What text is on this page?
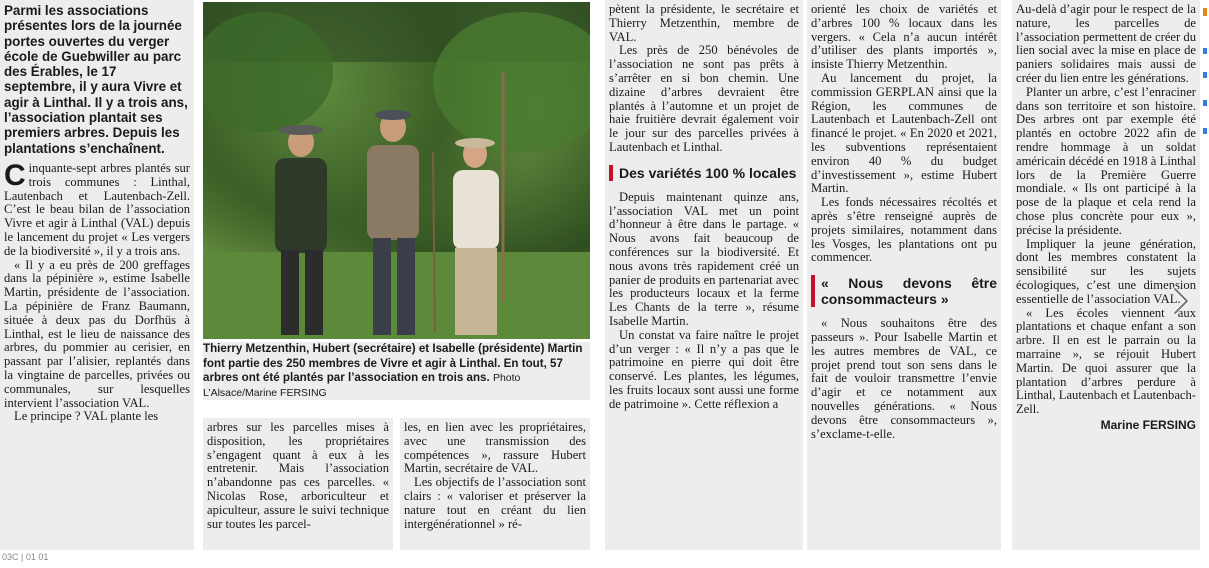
Parmi les associations présentes lors de la journée portes ouvertes du verger école de Guebwiller au parc des Érables, le 17 septembre, il y aura Vivre et agir à Linthal. Il y a trois ans, l’association plantait ses premiers arbres. Depuis les plantations s’enchaînent.

Cinquante-sept arbres plantés sur trois communes : Linthal, Lautenbach et Lautenbach-Zell. C’est le beau bilan de l’association Vivre et agir à Linthal (VAL) depuis le lancement du projet « Les vergers de la biodiversité », il y a trois ans.

« Il y a eu près de 200 greffages dans la pépinière », estime Isabelle Martin, présidente de l’association. La pépinière de Franz Baumann, située à deux pas du Dorfhüs à Linthal, est le lieu de naissance des arbres, du pommier au cerisier, en passant par l’alisier, replantés dans la vingtaine de parcelles, privées ou communales, sur lesquelles intervient l’association VAL.

Le principe ? VAL plante les

Thierry Metzenthin, Hubert (secrétaire) et Isabelle (présidente) Martin font partie des 250 membres de Vivre et agir à Linthal. En tout, 57 arbres ont été plantés par l’association en trois ans. Photo L’Alsace/Marine FERSING

arbres sur les parcelles mises à disposition, les propriétaires s’engagent quant à eux à les entretenir. Mais l’association n’abandonne pas ces parcelles. « Nicolas Rose, arboriculteur et apiculteur, assure le suivi technique sur toutes les parcel-

les, en lien avec les propriétaires, avec une transmission des compétences », rassure Hubert Martin, secrétaire de VAL.

Les objectifs de l’association sont clairs : « valoriser et préserver la nature tout en créant du lien intergénérationnel » ré-

pètent la présidente, le secrétaire et Thierry Metzenthin, membre de VAL.

Les près de 250 bénévoles de l’association ne sont pas prêts à s’arrêter en si bon chemin. Une dizaine d’arbres devraient être plantés à l’automne et un projet de haie fruitière devrait également voir le jour sur des parcelles privées à Lautenbach et Linthal.

Des variétés 100 % locales

Depuis maintenant quinze ans, l’association VAL met un point d’honneur à être dans le partage. « Nous avons fait beaucoup de conférences sur la biodiversité. Et nous avons très rapidement créé un panier de produits en partenariat avec les producteurs locaux et la ferme Les Chants de la terre », résume Isabelle Martin.

Un constat va faire naître le projet d’un verger : « Il n’y a pas que le patrimoine en pierre qui doit être conservé. Les plantes, les légumes, les fruits locaux sont aussi une forme de patrimoine ». Cette réflexion a

orienté les choix de variétés et d’arbres 100 % locaux dans les vergers. « Cela n’a aucun intérêt d’utiliser des plants importés », insiste Thierry Metzenthin.

Au lancement du projet, la commission GERPLAN ainsi que la Région, les communes de Lautenbach et Lautenbach-Zell ont financé le projet. « En 2020 et 2021, les subventions représentaient environ 40 % du budget d’investissement », estime Hubert Martin.

Les fonds nécessaires récoltés et après s’être renseigné auprès de projets similaires, notamment dans les Vosges, les plantations ont pu commencer.

« Nous devons être consommacteurs »

« Nous souhaitons être des passeurs ». Pour Isabelle Martin et les autres membres de VAL, ce projet prend tout son sens dans le fait de vouloir transmettre l’envie d’agir et ce notamment aux nouvelles générations. « Nous devons être consommacteurs », s’exclame-t-elle.

Au-delà d’agir pour le respect de la nature, les parcelles de l’association permettent de créer du lien social avec la mise en place de paniers solidaires mais aussi de créer du lien entre les générations.

Planter un arbre, c’est l’enraciner dans son territoire et son histoire. Des arbres ont par exemple été plantés en octobre 2022 afin de rendre hommage à un soldat américain décédé en 1918 à Linthal lors de la Première Guerre mondiale. « Ils ont participé à la pose de la plaque et cela rend la chose plus concrète pour eux », précise la présidente.

Impliquer la jeune génération, dont les membres constatent la sensibilité sur les sujets écologiques, c’est une dimension essentielle de l’association VAL.

« Les écoles viennent aux plantations et chaque enfant a son arbre. Il en est le parrain ou la marraine », se réjouit Hubert Martin. De quoi assurer que la plantation d’arbres perdure à Linthal, Lautenbach et Lautenbach-Zell.

Marine FERSING
03C | 01 01
